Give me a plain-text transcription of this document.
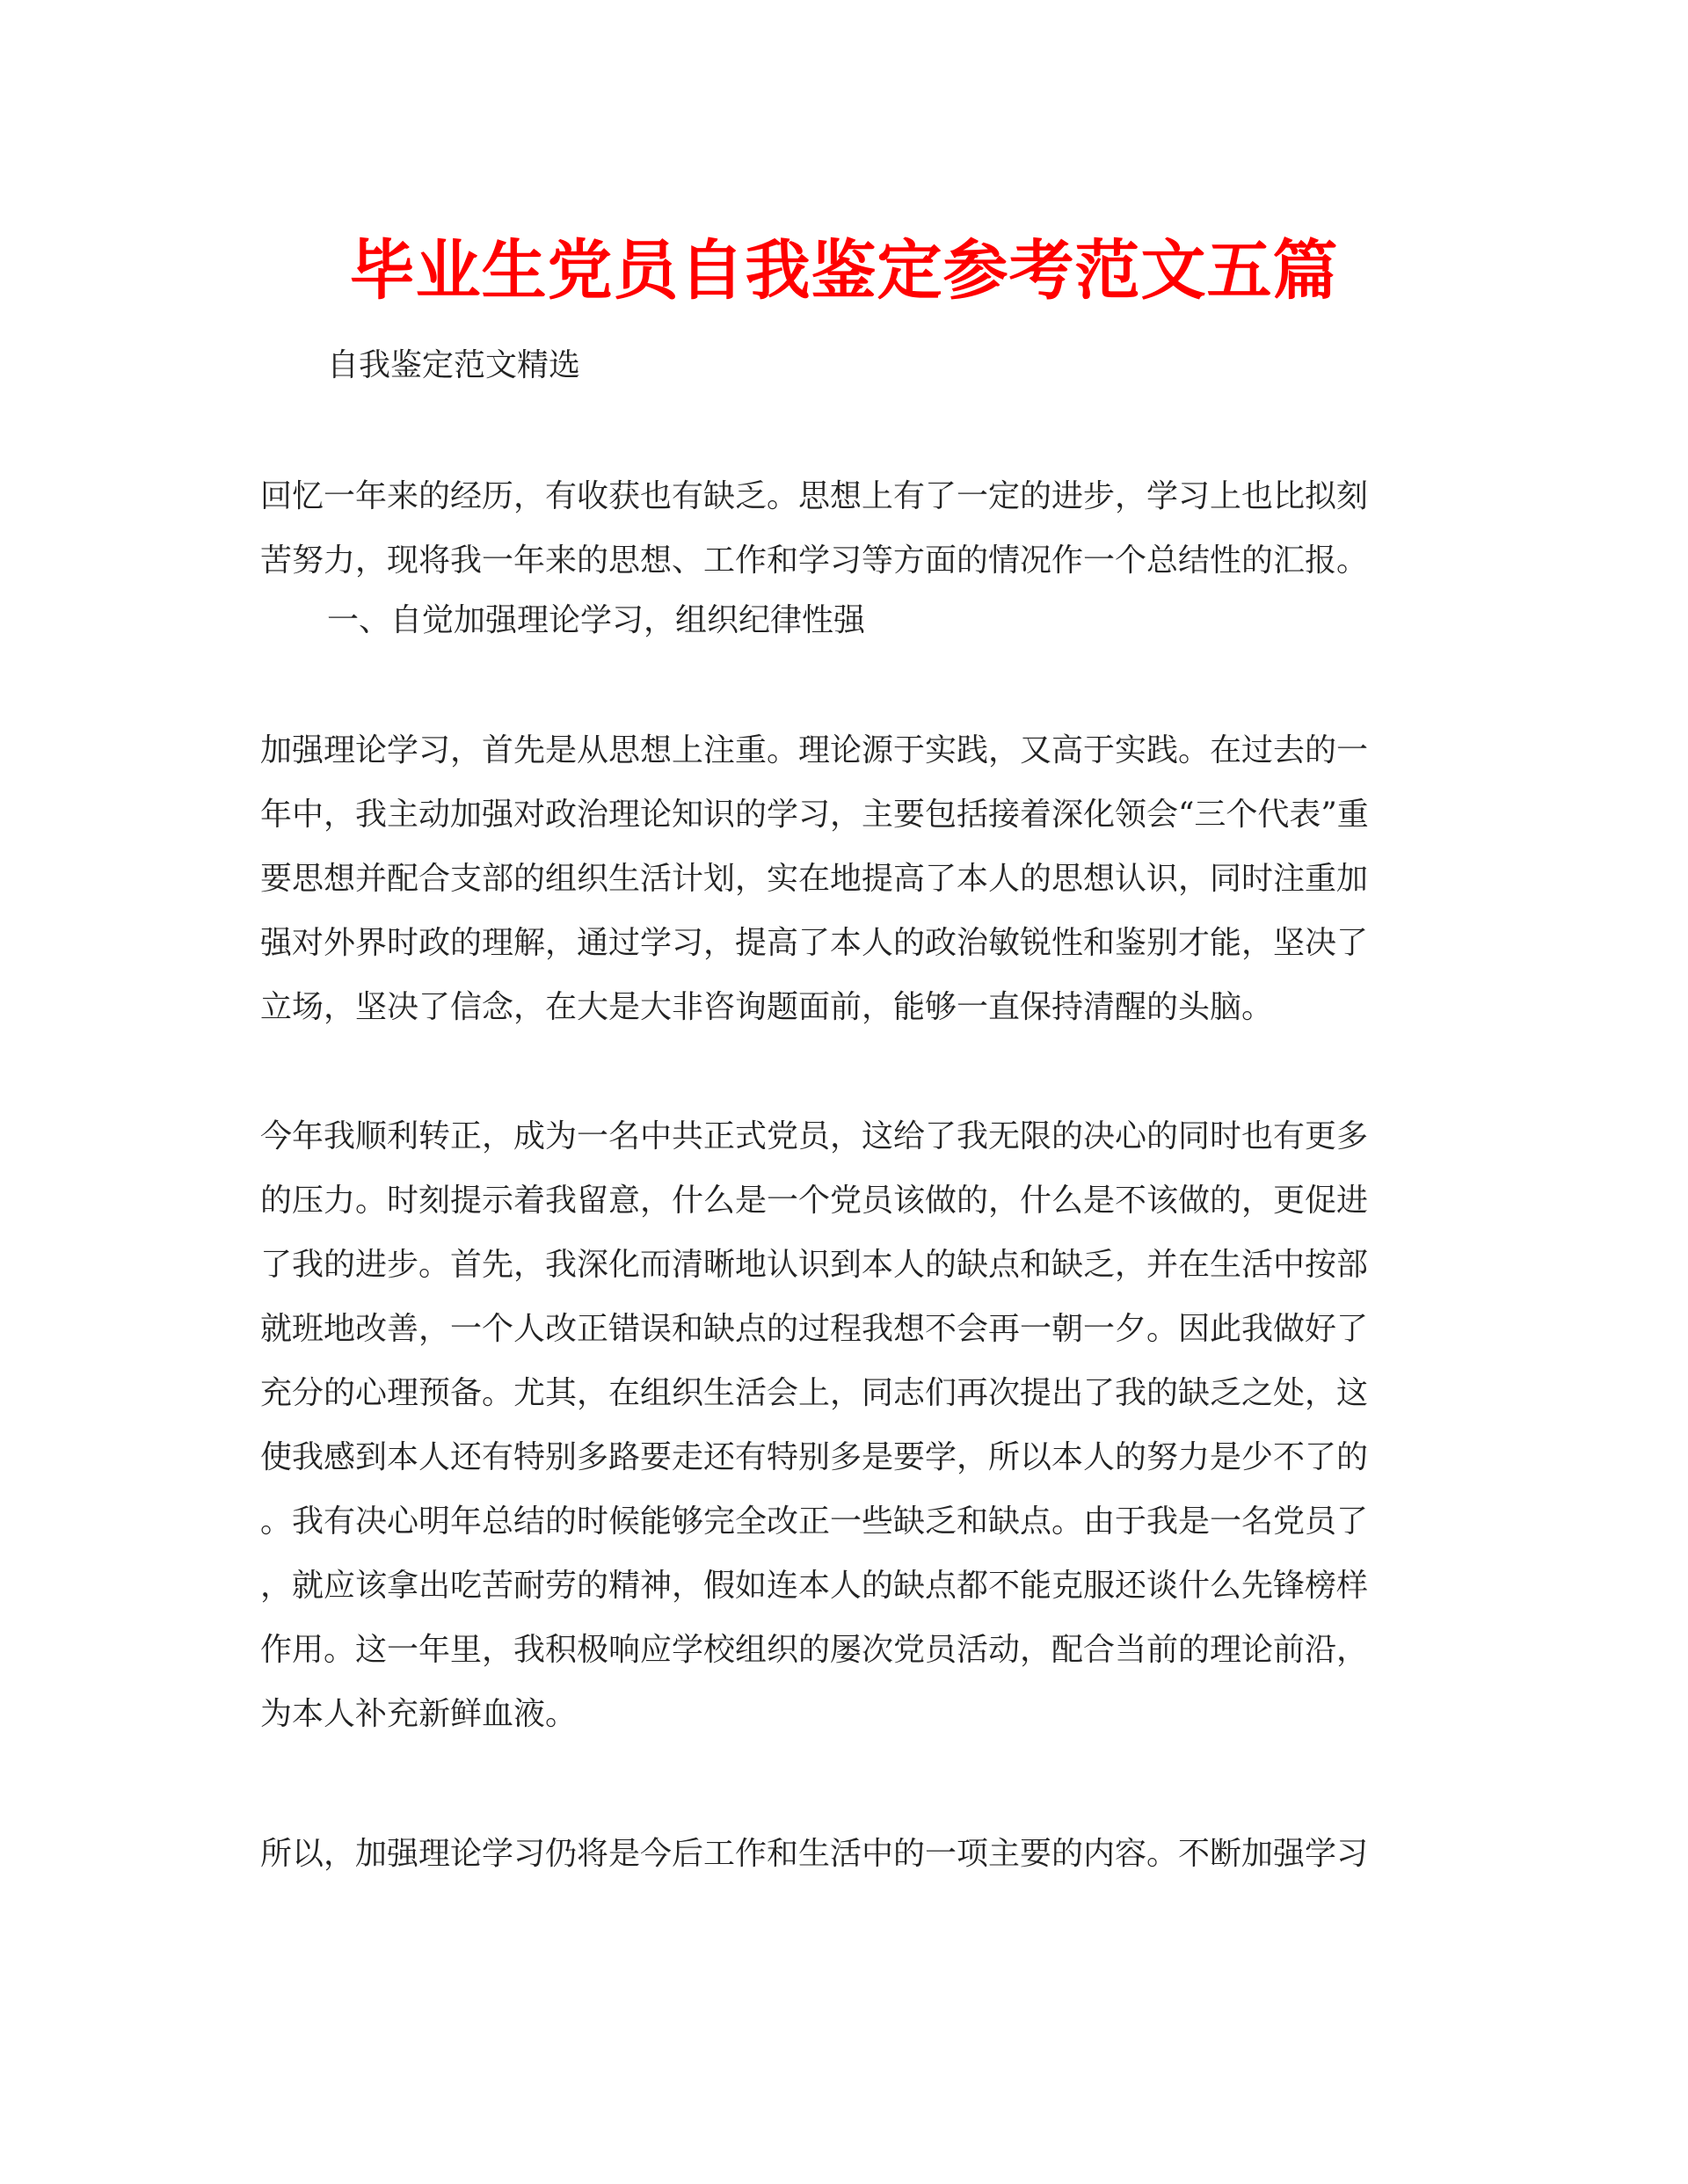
毕业生党员自我鉴定参考范文五篇
自我鉴定范文精选
回忆一年来的经历，有收获也有缺乏。思想上有了一定的进步，学习上也比拟刻
苦努力，现将我一年来的思想、工作和学习等方面的情况作一个总结性的汇报。
一、自觉加强理论学习，组织纪律性强
加强理论学习，首先是从思想上注重。理论源于实践，又高于实践。在过去的一
年中，我主动加强对政治理论知识的学习，主要包括接着深化领会“三个代表”重
要思想并配合支部的组织生活计划，实在地提高了本人的思想认识，同时注重加
强对外界时政的理解，通过学习，提高了本人的政治敏锐性和鉴别才能，坚决了
立场，坚决了信念，在大是大非咨询题面前，能够一直保持清醒的头脑。
今年我顺利转正，成为一名中共正式党员，这给了我无限的决心的同时也有更多
的压力。时刻提示着我留意，什么是一个党员该做的，什么是不该做的，更促进
了我的进步。首先，我深化而清晰地认识到本人的缺点和缺乏，并在生活中按部
就班地改善，一个人改正错误和缺点的过程我想不会再一朝一夕。因此我做好了
充分的心理预备。尤其，在组织生活会上，同志们再次提出了我的缺乏之处，这
使我感到本人还有特别多路要走还有特别多是要学，所以本人的努力是少不了的
。我有决心明年总结的时候能够完全改正一些缺乏和缺点。由于我是一名党员了
，就应该拿出吃苦耐劳的精神，假如连本人的缺点都不能克服还谈什么先锋榜样
作用。这一年里，我积极响应学校组织的屡次党员活动，配合当前的理论前沿，
为本人补充新鲜血液。
所以，加强理论学习仍将是今后工作和生活中的一项主要的内容。不断加强学习
